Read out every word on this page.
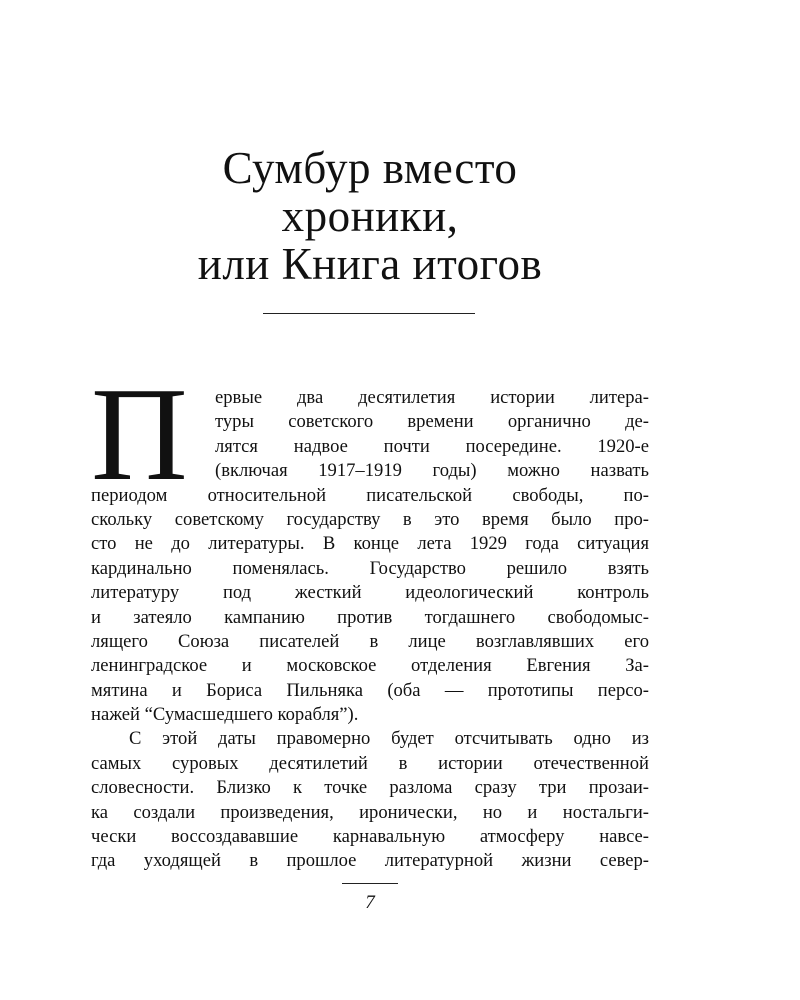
Сумбур вместо
хроники,
или Книга итогов
П	ервые два десятилетия истории литера-
туры советского времени органично де-
лятся надвое почти посередине. 1920-е
(включая 1917–1919 годы) можно назвать
периодом относительной писательской свободы, по-
скольку советскому государству в это время было про-
сто не до литературы. В конце лета 1929 года ситуация
кардинально поменялась. Государство решило взять
литературу под жесткий идеологический контроль
и затеяло кампанию против тогдашнего свободомыс-
лящего Союза писателей в лице возглавлявших его
ленинградское и московское отделения Евгения За-
мятина и Бориса Пильняка (оба — прототипы персо-
нажей “Сумасшедшего корабля”).
С этой даты правомерно будет отсчитывать одно из
самых суровых десятилетий в истории отечественной
словесности. Близко к точке разлома сразу три прозаи-
ка создали произведения, иронически, но и ностальги-
чески воссоздававшие карнавальную атмосферу навсе-
гда уходящей в прошлое литературной жизни север-
7
